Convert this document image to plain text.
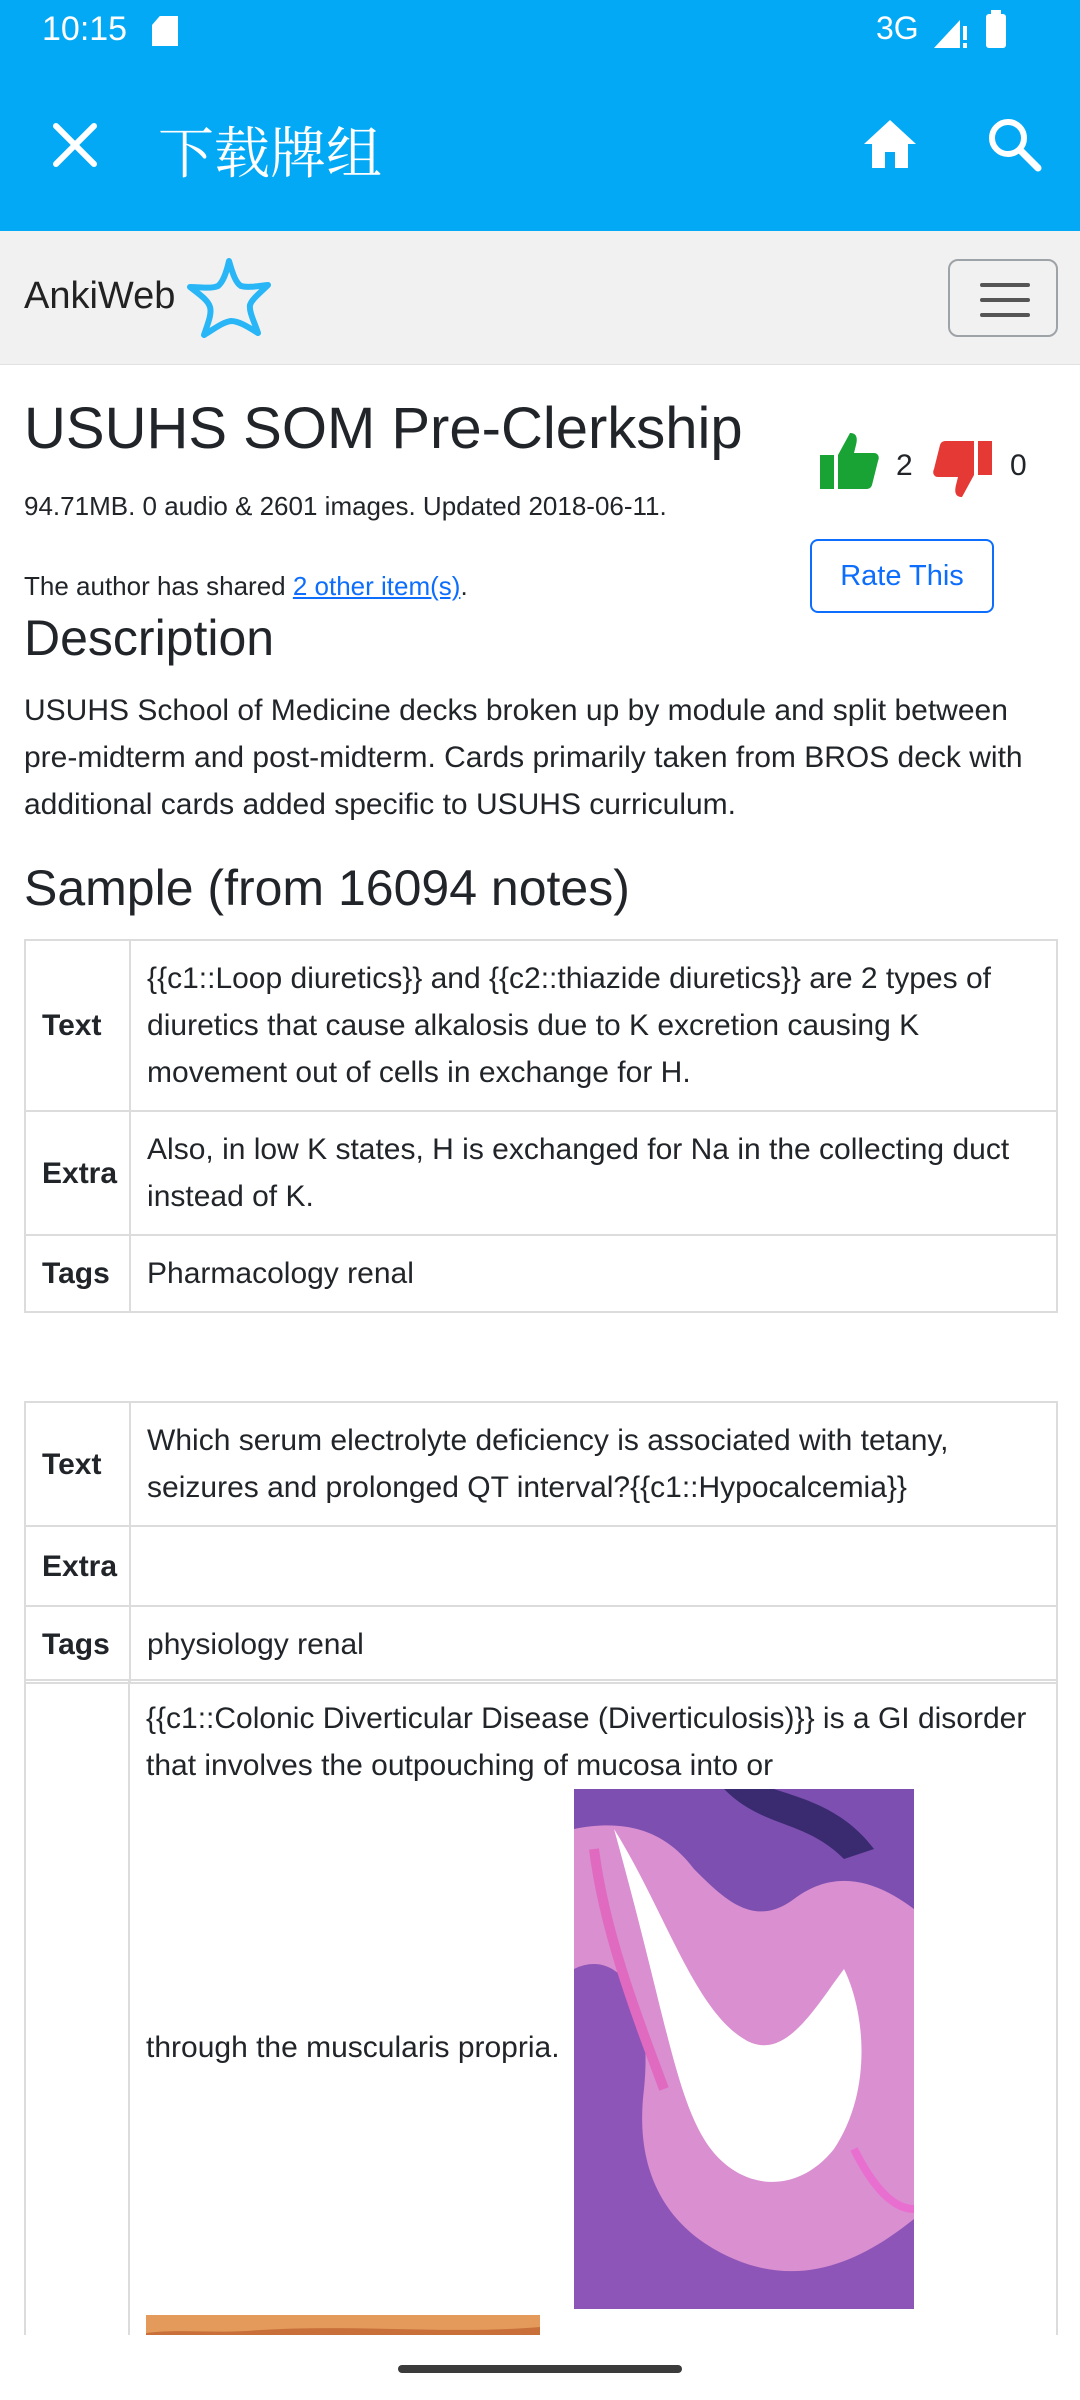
10:15	3G
下载牌组
AnkiWeb
USUHS SOM Pre-Clerkship
94.71MB. 0 audio & 2601 images. Updated 2018-06-11.
2	0
Rate This
The author has shared 2 other item(s).
Description
USUHS School of Medicine decks broken up by module and split between pre-midterm and post-midterm. Cards primarily taken from BROS deck with additional cards added specific to USUHS curriculum.
Sample (from 16094 notes)
Text	{{c1::Loop diuretics}} and {{c2::thiazide diuretics}} are 2 types of diuretics that cause alkalosis due to K excretion causing K movement out of cells in exchange for H.
Extra	Also, in low K states, H is exchanged for Na in the collecting duct instead of K.
Tags	Pharmacology renal
Text	Which serum electrolyte deficiency is associated with tetany, seizures and prolonged QT interval?{{c1::Hypocalcemia}}
Extra	
Tags	physiology renal

{{c1::Colonic Diverticular Disease (Diverticulosis)}} is a GI disorder that involves the outpouching of mucosa into or
through the muscularis propria.
